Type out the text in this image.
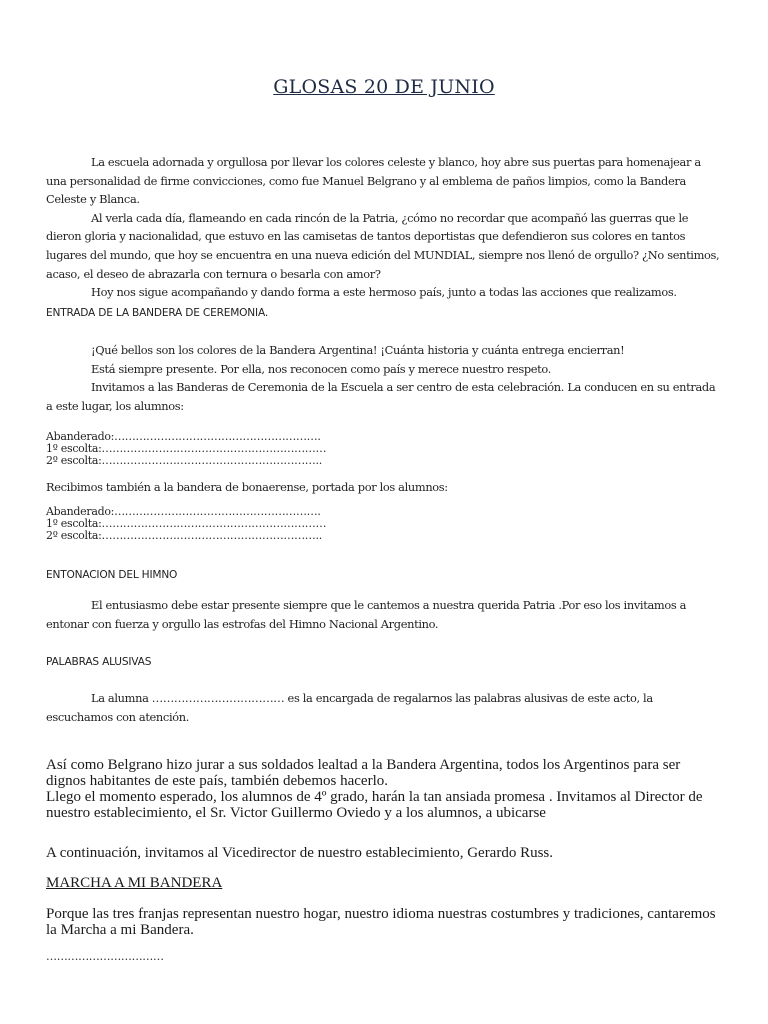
GLOSAS 20 DE JUNIO

La escuela adornada y orgullosa por llevar los colores celeste y blanco, hoy abre sus puertas para homenajear a una personalidad de firme convicciones, como fue Manuel Belgrano y al emblema de paños limpios, como la Bandera Celeste y Blanca.

Al verla cada día, flameando en cada rincón de la Patria, ¿cómo no recordar que acompañó las guerras que le dieron gloria y nacionalidad, que estuvo en las camisetas de tantos deportistas que defendieron sus colores en tantos lugares del mundo, que hoy se encuentra en una nueva edición del MUNDIAL, siempre nos llenó de orgullo? ¿No sentimos, acaso, el deseo de abrazarla con ternura o besarla con amor?

Hoy nos sigue acompañando y dando forma a este hermoso país, junto a todas las acciones que realizamos.

ENTRADA DE LA BANDERA DE CEREMONIA.

¡Qué bellos son los colores de la Bandera Argentina! ¡Cuánta historia y cuánta entrega encierran!

Está siempre presente. Por ella, nos reconocen como país y merece nuestro respeto.

Invitamos a las Banderas de Ceremonia de la Escuela a ser centro de esta celebración. La conducen en su entrada a este lugar, los alumnos:

Abanderado:………………………………………………….
1º escolta:………………………………………………………
2º escolta:……………………………………………………..
Recibimos también a la bandera de bonaerense, portada por los alumnos:
Abanderado:………………………………………………….
1º escolta:………………………………………………………
2º escolta:……………………………………………………..
ENTONACION DEL HIMNO

El entusiasmo debe estar presente siempre que le cantemos a nuestra querida Patria .Por eso los invitamos a entonar con fuerza y orgullo las estrofas del Himno Nacional Argentino.

PALABRAS ALUSIVAS

La alumna ……………………………… es la encargada de regalarnos las palabras alusivas de este acto, la escuchamos con atención.

Así como Belgrano hizo jurar a sus soldados lealtad a la Bandera Argentina, todos los Argentinos para ser dignos habitantes de este país, también debemos hacerlo.

Llego el momento esperado, los alumnos de 4º grado, harán la tan ansiada promesa . Invitamos al Director de nuestro establecimiento, el Sr. Victor Guillermo Oviedo y a los alumnos, a ubicarse

A continuación, invitamos al Vicedirector de nuestro establecimiento, Gerardo Russ.
MARCHA A MI BANDERA
Porque las tres franjas representan nuestro hogar, nuestro idioma nuestras costumbres y tradiciones, cantaremos la Marcha a mi Bandera.
……………………………
